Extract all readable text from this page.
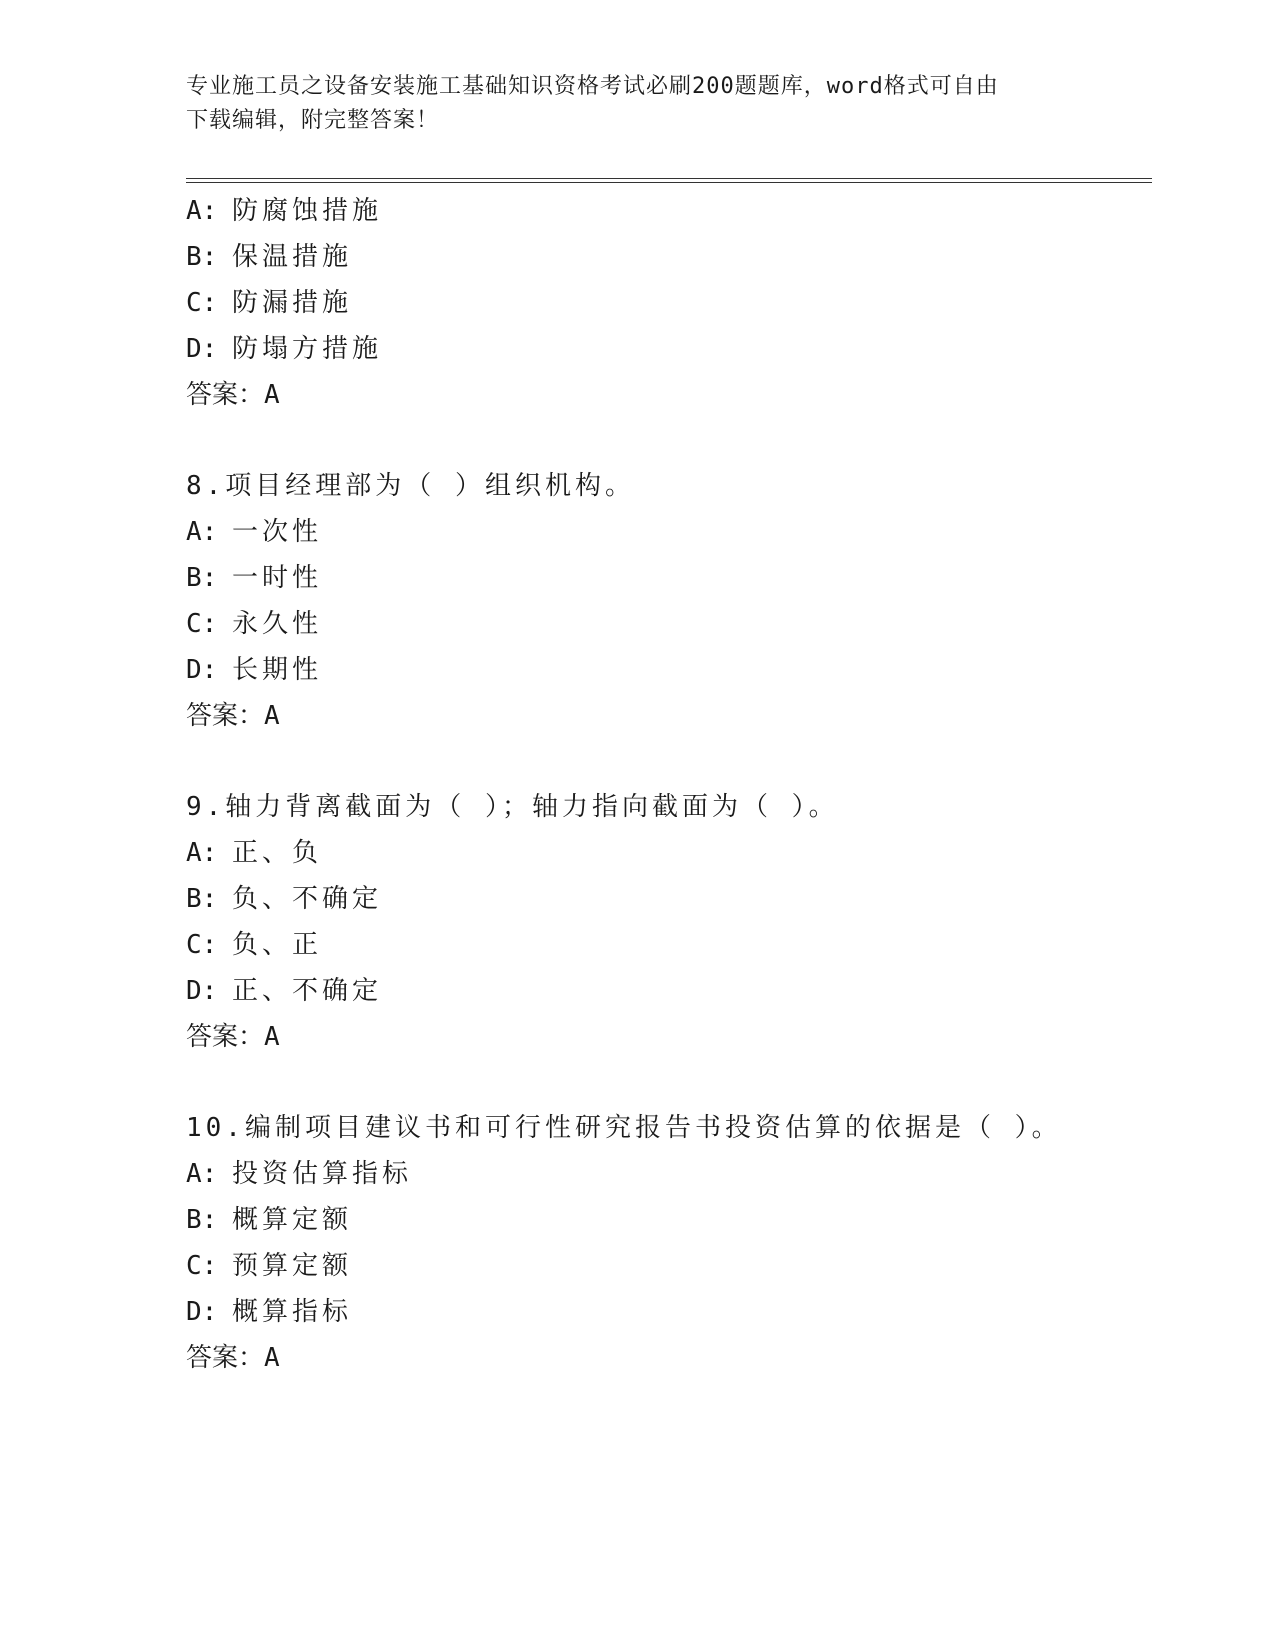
专业施工员之设备安装施工基础知识资格考试必刷200题题库，word格式可自由
下载编辑，附完整答案！
A: 防腐蚀措施
B: 保温措施
C: 防漏措施
D: 防塌方措施
答案：A
8.项目经理部为（ ）组织机构。
A: 一次性
B: 一时性
C: 永久性
D: 长期性
答案：A
9.轴力背离截面为（ ）；轴力指向截面为（ ）。
A: 正、负
B: 负、不确定
C: 负、正
D: 正、不确定
答案：A
10.编制项目建议书和可行性研究报告书投资估算的依据是（ ）。
A: 投资估算指标
B: 概算定额
C: 预算定额
D: 概算指标
答案：A
